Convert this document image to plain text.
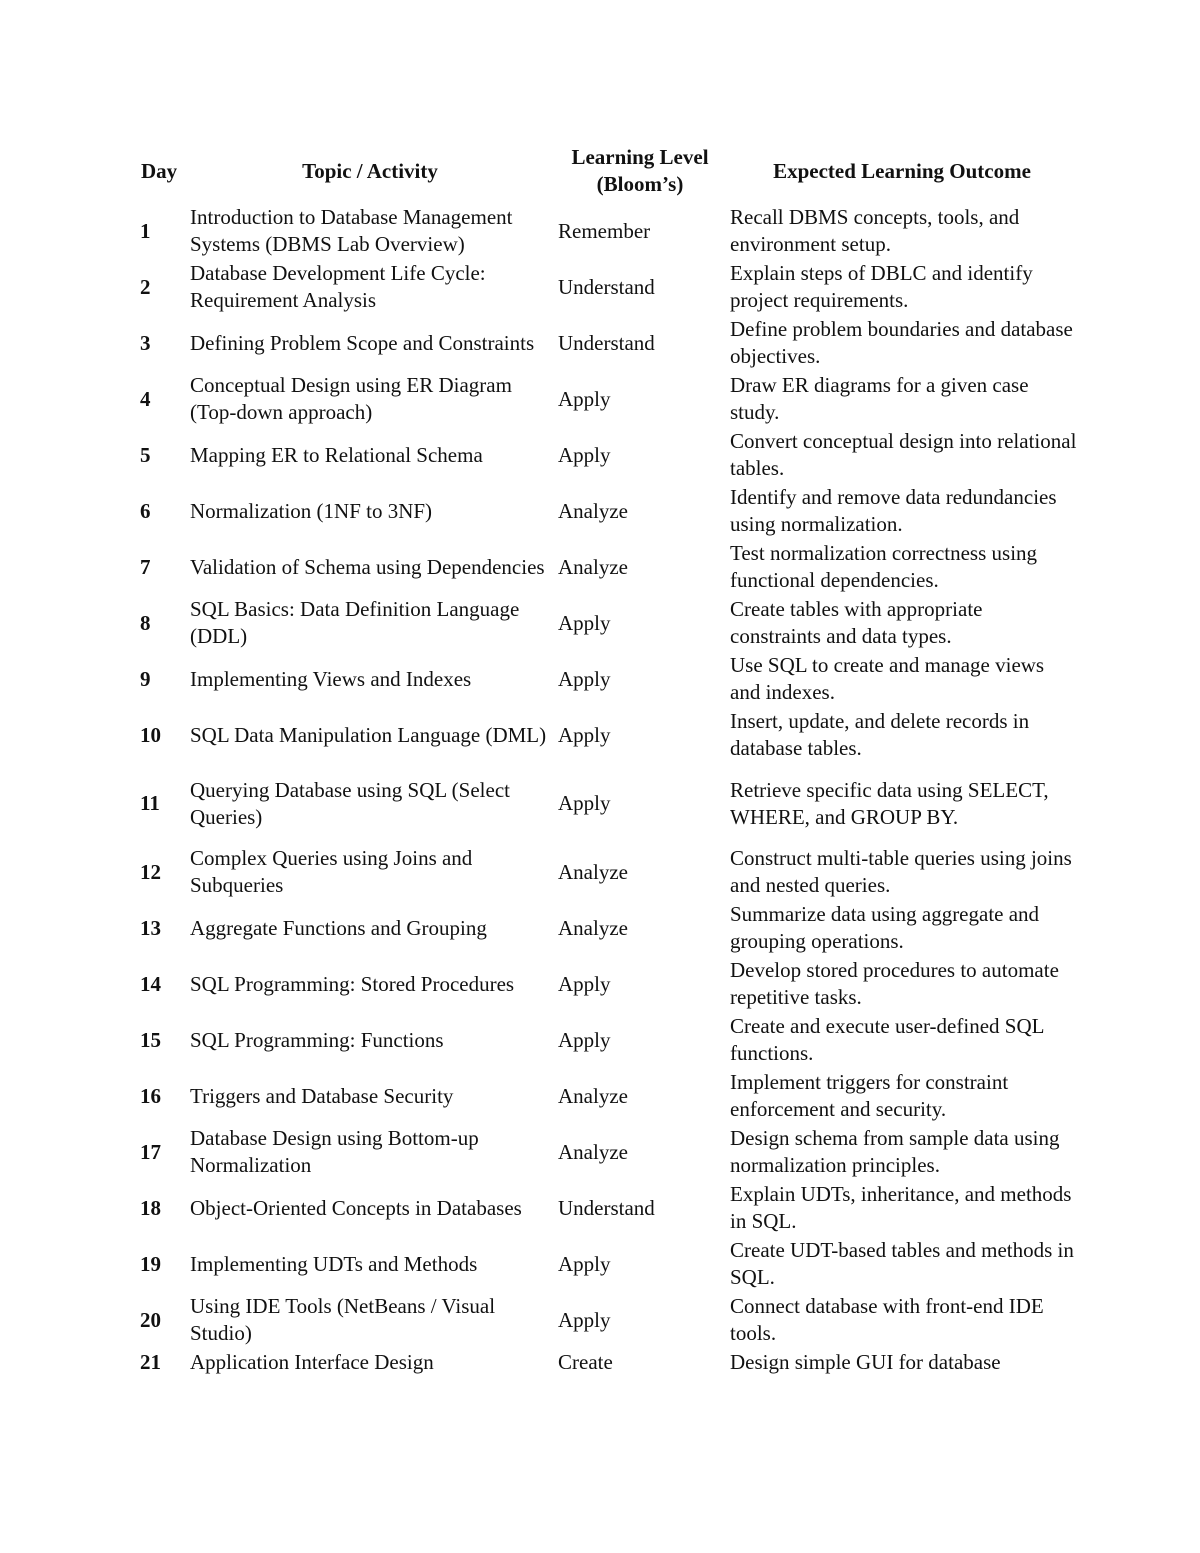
Day	Topic / Activity	Learning Level (Bloom’s)	Expected Learning Outcome
1	Introduction to Database Management Systems (DBMS Lab Overview)	Remember	Recall DBMS concepts, tools, and environment setup.
2	Database Development Life Cycle: Requirement Analysis	Understand	Explain steps of DBLC and identify project requirements.
3	Defining Problem Scope and Constraints	Understand	Define problem boundaries and database objectives.
4	Conceptual Design using ER Diagram (Top-down approach)	Apply	Draw ER diagrams for a given case study.
5	Mapping ER to Relational Schema	Apply	Convert conceptual design into relational tables.
6	Normalization (1NF to 3NF)	Analyze	Identify and remove data redundancies using normalization.
7	Validation of Schema using Dependencies	Analyze	Test normalization correctness using functional dependencies.
8	SQL Basics: Data Definition Language (DDL)	Apply	Create tables with appropriate constraints and data types.
9	Implementing Views and Indexes	Apply	Use SQL to create and manage views and indexes.
10	SQL Data Manipulation Language (DML)	Apply	Insert, update, and delete records in database tables.
11	Querying Database using SQL (Select Queries)	Apply	Retrieve specific data using SELECT, WHERE, and GROUP BY.
12	Complex Queries using Joins and Subqueries	Analyze	Construct multi-table queries using joins and nested queries.
13	Aggregate Functions and Grouping	Analyze	Summarize data using aggregate and grouping operations.
14	SQL Programming: Stored Procedures	Apply	Develop stored procedures to automate repetitive tasks.
15	SQL Programming: Functions	Apply	Create and execute user-defined SQL functions.
16	Triggers and Database Security	Analyze	Implement triggers for constraint enforcement and security.
17	Database Design using Bottom-up Normalization	Analyze	Design schema from sample data using normalization principles.
18	Object-Oriented Concepts in Databases	Understand	Explain UDTs, inheritance, and methods in SQL.
19	Implementing UDTs and Methods	Apply	Create UDT-based tables and methods in SQL.
20	Using IDE Tools (NetBeans / Visual Studio)	Apply	Connect database with front-end IDE tools.
21	Application Interface Design	Create	Design simple GUI for database
